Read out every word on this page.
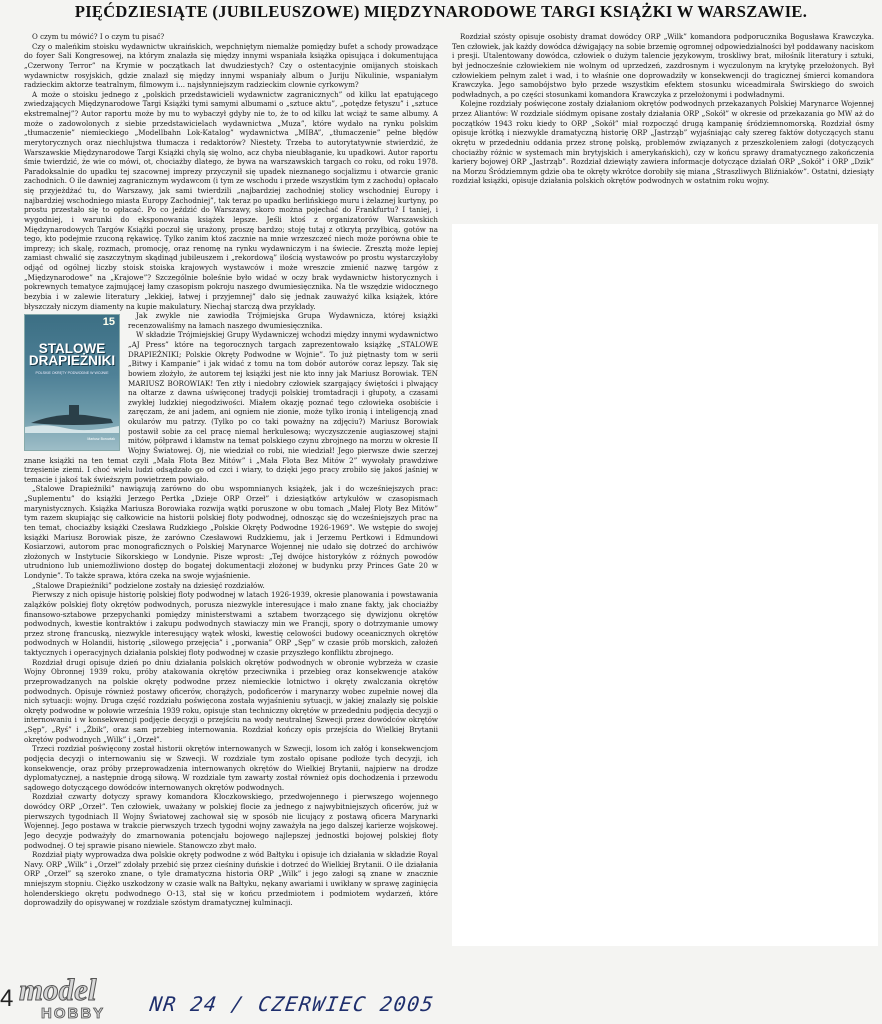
PIĘĆDZIESIĄTE (JUBILEUSZOWE) MIĘDZYNARODOWE TARGI KSIĄŻKI W WARSZAWIE.

O czym tu mówić? I o czym tu pisać?

Czy o maleńkim stoisku wydawnictw ukraińskich, wepchniętym niemalże pomiędzy bufet a schody prowadzące do foyer Sali Kongresowej, na którym znalazła się między innymi wspaniała książka opisująca i dokumentująca „Czerwony Terror” na Krymie w początkach lat dwudziestych? Czy o ostentacyjnie omijanych stoiskach wydawnictw rosyjskich, gdzie znalazł się między innymi wspaniały album o Juriju Nikulinie, wspaniałym radzieckim aktorze teatralnym, filmowym i... najsłynniejszym radzieckim clownie cyrkowym?

A może o stoisku jednego z „polskich przedstawicieli wydawnictw zagranicznych” od kilku lat epatującego zwiedzających Międzynarodowe Targi Książki tymi samymi albumami o „sztuce aktu”, „potędze fetyszu” i „sztuce ekstremalnej”? Autor raportu może by mu to wybaczył gdyby nie to, że to od kilku lat wciąż te same albumy. A może o zadowolonych z siebie przedstawicielach wydawnictwa „Muza”, które wydało na rynku polskim „tłumaczenie” niemieckiego „Modellbahn Lok-Katalog” wydawnictwa „MIBA”, „tłumaczenie” pełne błędów merytorycznych oraz niechlujstwa tłumacza i redaktorów? Niestety. Trzeba to autorytatywnie stwierdzić, że Warszawskie Międzynarodowe Targi Książki chylą się wolno, acz chyba nieubłaganie, ku upadkowi. Autor raportu śmie twierdzić, że wie co mówi, ot, chociażby dlatego, że bywa na warszawskich targach co roku, od roku 1978. Paradoksalnie do upadku tej szacownej imprezy przyczynił się upadek nieznanego socjalizmu i otwarcie granic zachodnich. O ile dawniej zagranicznym wydawcom (i tym ze wschodu i przede wszystkim tym z zachodu) opłacało się przyjeżdżać tu, do Warszawy, jak sami twierdzili „najbardziej zachodniej stolicy wschodniej Europy i najbardziej wschodniego miasta Europy Zachodniej”, tak teraz po upadku berlińskiego muru i żelaznej kurtyny, po prostu przestało się to opłacać. Po co jeździć do Warszawy, skoro można pojechać do Frankfurtu? I taniej, i wygodniej, i warunki do eksponowania książek lepsze. Jeśli ktoś z organizatorów Warszawskich Międzynarodowych Targów Książki poczuł się urażony, proszę bardzo; stoję tutaj z otkrytą przyłbicą, gotów na tego, kto podejmie rzuconą rękawicę. Tylko zanim ktoś zacznie na mnie wrzeszczeć niech może porówna obie te imprezy; ich skalę, rozmach, promocję, oraz renomę na rynku wydawniczym i na świecie. Zresztą może lepiej zamiast chwalić się zaszczytnym skądinąd jubileuszem i „rekordową” ilością wystawców po prostu wystarczyłoby odjąć od ogólnej liczby stoisk stoiska krajowych wystawców i może wreszcie zmienić nazwę targów z „Międzynarodowe” na „Krajowe”? Szczególnie boleśnie było widać w oczy brak wydawnictw historycznych i pokrewnych tematyce zajmującej łamy czasopism pokroju naszego dwumiesięcznika. Na tle wszędzie widocznego bezybia i w zalewie literatury „lekkiej, łatwej i przyjemnej” dało się jednak zauważyć kilka książek, które błyszczały niczym diamenty na kupie makulatury. Niechaj starczą dwa przykłady.

15
STALOWE
DRAPIEŻNIKI
POLSKIE OKRĘTY PODWODNE W WOJNIE
Mariusz Borowiak

Jak zwykle nie zawiodła Trójmiejska Grupa Wydawnicza, której książki recenzowaliśmy na łamach naszego dwumiesięcznika.

W składzie Trójmiejskiej Grupy Wydawniczej wchodzi między innymi wydawnictwo „AJ Press” które na tegorocznych targach zaprezentowało książkę „STALOWE DRAPIEŻNIKI; Polskie Okręty Podwodne w Wojnie”. To już piętnasty tom w serii „Bitwy i Kampanie” i jak widać z tomu na tom dobór autorów coraz lepszy. Tak się bowiem złożyło, że autorem tej książki jest nie kto inny jak Mariusz Borowiak. TEN MARIUSZ BOROWIAK! Ten ztły i niedobry człowiek szargający świętości i plwający na ołtarze z dawna uświęconej tradycji polskiej tromtadracji i głupoty, a czasami zwykłej ludzkiej niegodziwości. Miałem okazję poznać tego człowieka osobiście i zaręczam, że ani jadem, ani ogniem nie zionie, może tylko ironią i inteligencją znad okularów mu patrzy. (Tylko po co taki poważny na zdjęciu?) Mariusz Borowiak postawił sobie za cel pracę niemal herkulesową; wyczyszczenie augiaszowej stajni mitów, półprawd i kłamstw na temat polskiego czynu zbrojnego na morzu w okresie II Wojny Światowej. Oj, nie wiedział co robi, nie wiedział! Jego pierwsze dwie szerzej znane książki na ten temat czyli „Mała Flota Bez Mitów” i „Mała Flota Bez Mitów 2” wywołały prawdziwe trzęsienie ziemi. I choć wielu ludzi odsądzało go od czci i wiary, to dzięki jego pracy zrobiło się jakoś jaśniej w temacie i jakoś tak świeższym powietrzem powiało.

„Stalowe Drapieżniki” nawiązują zarówno do obu wspomnianych książek, jak i do wcześniejszych prac: „Suplementu” do książki Jerzego Pertka „Dzieje ORP Orzeł” i dziesiątków artykułów w czasopismach marynistycznych. Książka Mariusza Borowiaka rozwija wątki poruszone w obu tomach „Małej Floty Bez Mitów” tym razem skupiając się całkowicie na historii polskiej floty podwodnej, odnosząc się do wcześniejszych prac na ten temat, chociażby książki Czesława Rudzkiego „Polskie Okręty Podwodne 1926-1969”. We wstępie do swojej książki Mariusz Borowiak pisze, że zarówno Czesławowi Rudzkiemu, jak i Jerzemu Pertkowi i Edmundowi Kosiarzowi, autorom prac monograficznych o Polskiej Marynarce Wojennej nie udało się dotrzeć do archiwów złożonych w Instytucie Sikorskiego w Londynie. Pisze wprost: „Tej dwójce historyków z różnych powodów utrudniono lub uniemożliwiono dostęp do bogatej dokumentacji złożonej w budynku przy Princes Gate 20 w Londynie”. To także sprawa, która czeka na swoje wyjaśnienie.

„Stalowe Drapieżniki” podzielone zostały na dziesięć rozdziałów.

Pierwszy z nich opisuje historię polskiej floty podwodnej w latach 1926-1939, okresie planowania i powstawania zalążków polskiej floty okrętów podwodnych, porusza niezwykle interesujące i mało znane fakty, jak chociażby finansowo-sztabowe przepychanki pomiędzy ministerstwami a sztabem tworzącego się dywizjonu okrętów podwodnych, kwestie kontraktów i zakupu podwodnych stawiaczy min we Francji, spory o dotrzymanie umowy przez stronę francuską, niezwykle interesujący wątek włoski, kwestię celowości budowy oceanicznych okrętów podwodnych w Holandii, historię „silowego przejęcia” i „porwania” ORP „Sęp” w czasie prób morskich, założeń taktycznych i operacyjnych działania polskiej floty podwodnej w czasie przyszłego konfliktu zbrojnego.

Rozdział drugi opisuje dzień po dniu działania polskich okrętów podwodnych w obronie wybrzeża w czasie Wojny Obronnej 1939 roku, próby atakowania okrętów przeciwnika i przebieg oraz konsekwencje ataków przeprowadzanych na polskie okręty podwodne przez niemieckie lotnictwo i okręty zwalczania okrętów podwodnych. Opisuje również postawy oficerów, chorążych, podoficerów i marynarzy wobec zupełnie nowej dla nich sytuacji: wojny. Druga część rozdziału poświęcona została wyjaśnieniu sytuacji, w jakiej znalazły się polskie okręty podwodne w połowie września 1939 roku, opisuje stan techniczny okrętów w przededniu podjęcia decyzji o internowaniu i w konsekwencji podjęcie decyzji o przejściu na wody neutralnej Szwecji przez dowódców okrętów „Sęp”, „Ryś” i „Żbik”, oraz sam przebieg internowania. Rozdział kończy opis przejścia do Wielkiej Brytanii okrętów podwodnych „Wilk” i „Orzeł”.

Trzeci rozdział poświęcony został historii okrętów internowanych w Szwecji, losom ich załóg i konsekwencjom podjęcia decyzji o internowaniu się w Szwecji. W rozdziale tym zostało opisane podłoże tych decyzji, ich konsekwencje, oraz próby przeprowadzenia internowanych okrętów do Wielkiej Brytanii, najpierw na drodze dyplomatycznej, a następnie drogą siłową. W rozdziale tym zawarty został również opis dochodzenia i przewodu sądowego dotyczącego dowódców internowanych okrętów podwodnych.

Rozdział czwarty dotyczy sprawy komandora Kłoczkowskiego, przedwojennego i pierwszego wojennego dowódcy ORP „Orzeł”. Ten człowiek, uważany w polskiej flocie za jednego z najwybitniejszych oficerów, już w pierwszych tygodniach II Wojny Światowej zachował się w sposób nie licujący z postawą oficera Marynarki Wojennej. Jego postawa w trakcie pierwszych trzech tygodni wojny zaważyła na jego dalszej karierze wojskowej. Jego decyzje podważyły do zmarnowania potencjału bojowego najlepszej jednostki bojowej polskiej floty podwodnej. O tej sprawie pisano niewiele. Stanowczo zbyt mało.

Rozdział piąty wyprowadza dwa polskie okręty podwodne z wód Bałtyku i opisuje ich działania w składzie Royal Navy. ORP „Wilk” i „Orzeł” zdołały przebić się przez cieśniny duńskie i dotrzeć do Wielkiej Brytanii. O ile działania ORP „Orzeł” są szeroko znane, o tyle dramatyczna historia ORP „Wilk” i jego załogi są znane w znacznie mniejszym stopniu. Ciężko uszkodzony w czasie walk na Bałtyku, nękany awariami i uwikłany w sprawę zaginięcia holenderskiego okrętu podwodnego O-13, stał się w końcu przedmiotem i podmiotem wydarzeń, które doprowadziły do opisywanej w rozdziale szóstym dramatycznej kulminacji.

Rozdział szósty opisuje osobisty dramat dowódcy ORP „Wilk” komandora podporucznika Bogusława Krawczyka. Ten człowiek, jak każdy dowódca dźwigający na sobie brzemię ogromnej odpowiedzialności był poddawany naciskom i presji. Utalentowany dowódca, człowiek o dużym talencie językowym, troskliwy brat, miłośnik literatury i sztuki, był jednocześnie człowiekiem nie wolnym od uprzedzeń, zazdrosnym i wyczulonym na krytykę przełożonych. Był człowiekiem pełnym zalet i wad, i to właśnie one doprowadziły w konsekwencji do tragicznej śmierci komandora Krawczyka. Jego samobójstwo było przede wszystkim efektem stosunku wiceadmirała Świrskiego do swoich podwładnych, a po części stosunkami komandora Krawczyka z przełożonymi i podwładnymi.

Kolejne rozdziały poświęcone zostały działaniom okrętów podwodnych przekazanych Polskiej Marynarce Wojennej przez Aliantów: W rozdziale siódmym opisane zostały działania ORP „Sokół” w okresie od przekazania go MW aż do początków 1943 roku kiedy to ORP „Sokół” miał rozpocząć drugą kampanię śródziemnomorską. Rozdział ósmy opisuje krótką i niezwykle dramatyczną historię ORP „Jastrząb” wyjaśniając cały szereg faktów dotyczących stanu okrętu w przededniu oddania przez stronę polską, problemów związanych z przeszkoleniem załogi (dotyczących chociażby różnic w systemach min brytyjskich i amerykańskich), czy w końcu sprawy dramatycznego zakończenia kariery bojowej ORP „Jastrząb”. Rozdział dziewiąty zawiera informacje dotyczące działań ORP „Sokół” i ORP „Dzik” na Morzu Śródziemnym gdzie oba te okręty wkrótce dorobiły się miana „Straszliwych Bliźniaków”. Ostatni, dziesiąty rozdział książki, opisuje działania polskich okrętów podwodnych w ostatnim roku wojny.

4 model
HOBBY NR 24 / CZERWIEC 2005
